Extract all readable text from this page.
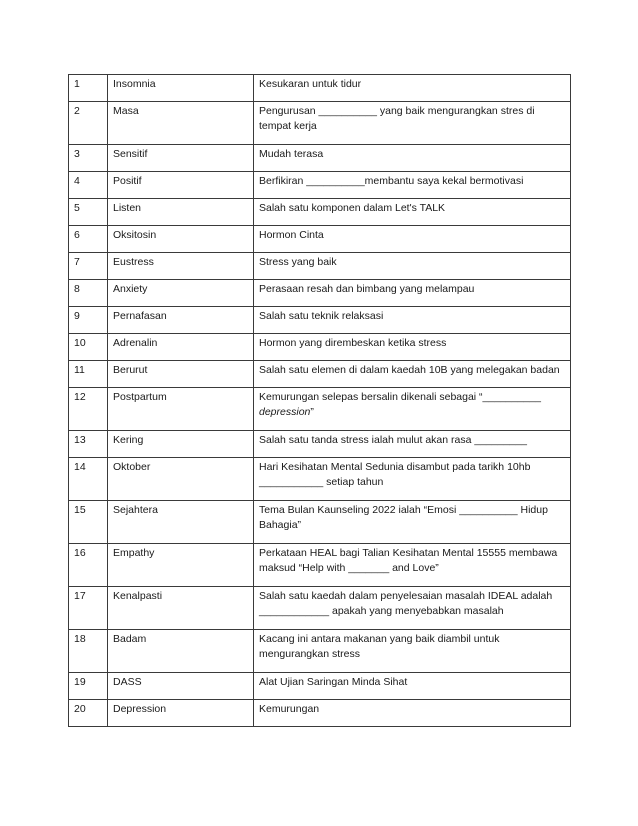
1	Insomnia	Kesukaran untuk tidur

2	Masa	Pengurusan __________ yang baik mengurangkan stres di
tempat kerja

3	Sensitif	Mudah terasa

4	Positif	Berfikiran __________membantu saya kekal bermotivasi

5	Listen	Salah satu komponen dalam Let's TALK

6	Oksitosin	Hormon Cinta

7	Eustress	Stress yang baik

8	Anxiety	Perasaan resah dan bimbang yang melampau

9	Pernafasan	Salah satu teknik relaksasi

10	Adrenalin	Hormon yang dirembeskan ketika stress

11	Berurut	Salah satu elemen di dalam kaedah 10B yang melegakan badan

12	Postpartum	Kemurungan selepas bersalin dikenali sebagai “__________
depression”

13	Kering	Salah satu tanda stress ialah mulut akan rasa _________

14	Oktober	Hari Kesihatan Mental Sedunia disambut pada tarikh 10hb
___________ setiap tahun

15	Sejahtera	Tema Bulan Kaunseling 2022 ialah “Emosi __________ Hidup
Bahagia”

16	Empathy	Perkataan HEAL bagi Talian Kesihatan Mental 15555 membawa
maksud “Help with _______ and Love”

17	Kenalpasti	Salah satu kaedah dalam penyelesaian masalah IDEAL adalah
____________ apakah yang menyebabkan masalah

18	Badam	Kacang ini antara makanan yang baik diambil untuk
mengurangkan stress

19	DASS	Alat Ujian Saringan Minda Sihat

20	Depression	Kemurungan
